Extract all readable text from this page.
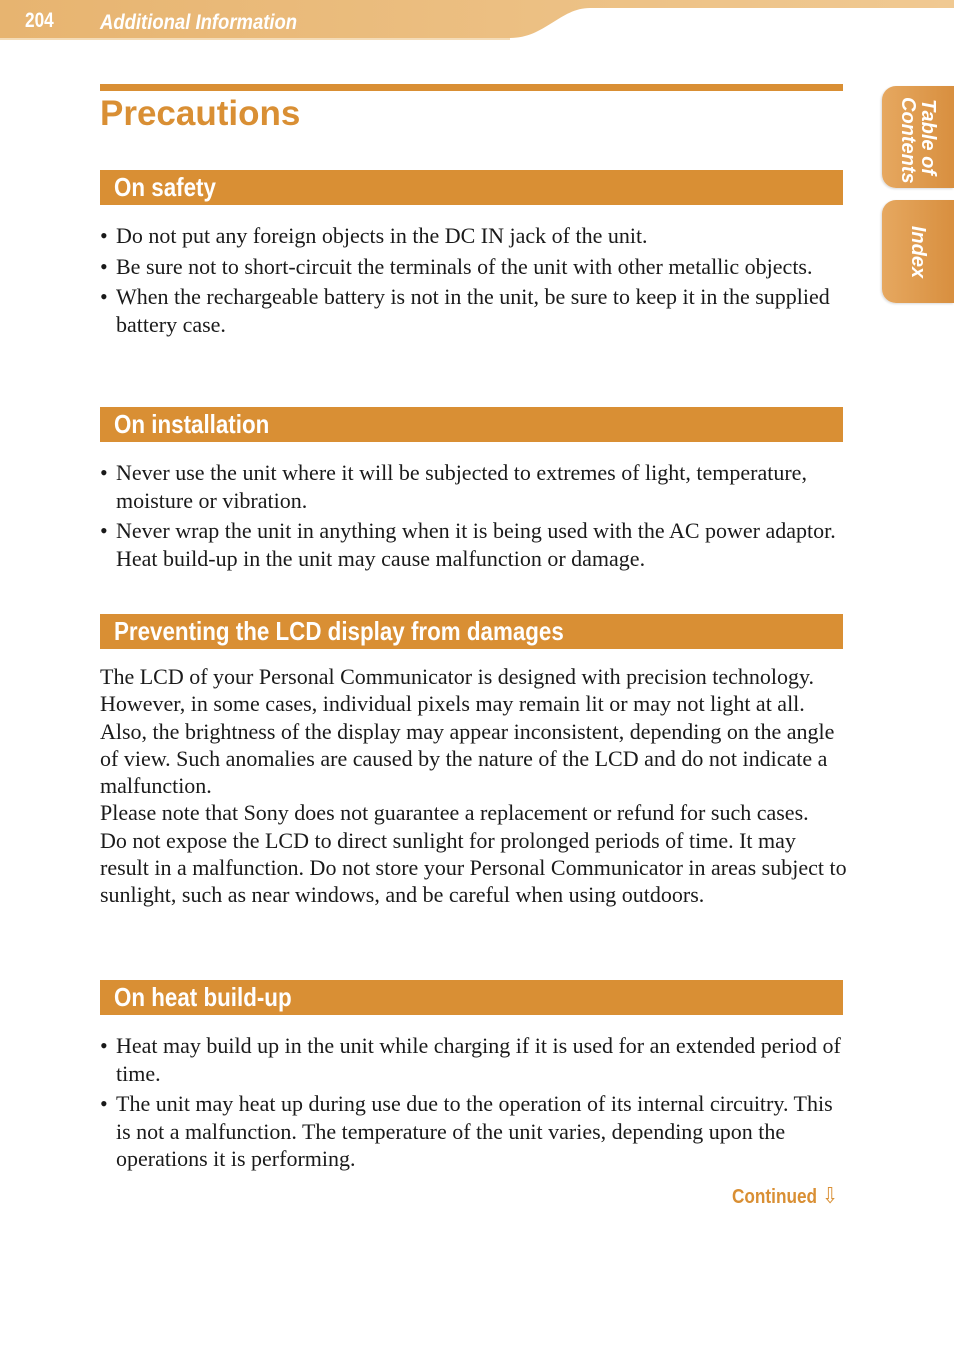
204 Additional Information
Table of Contents
Index
Precautions
On safety
• Do not put any foreign objects in the DC IN jack of the unit.
• Be sure not to short-circuit the terminals of the unit with other metallic objects.
• When the rechargeable battery is not in the unit, be sure to keep it in the supplied battery case.
On installation
• Never use the unit where it will be subjected to extremes of light, temperature, moisture or vibration.
• Never wrap the unit in anything when it is being used with the AC power adaptor. Heat build-up in the unit may cause malfunction or damage.
Preventing the LCD display from damages

The LCD of your Personal Communicator is designed with precision technology. However, in some cases, individual pixels may remain lit or may not light at all. Also, the brightness of the display may appear inconsistent, depending on the angle of view. Such anomalies are caused by the nature of the LCD and do not indicate a malfunction.

Please note that Sony does not guarantee a replacement or refund for such cases.

Do not expose the LCD to direct sunlight for prolonged periods of time. It may result in a malfunction. Do not store your Personal Communicator in areas subject to sunlight, such as near windows, and be careful when using outdoors.

On heat build-up
• Heat may build up in the unit while charging if it is used for an extended period of time.
• The unit may heat up during use due to the operation of its internal circuitry. This is not a malfunction. The temperature of the unit varies, depending upon the operations it is performing.
Continued ⇩
